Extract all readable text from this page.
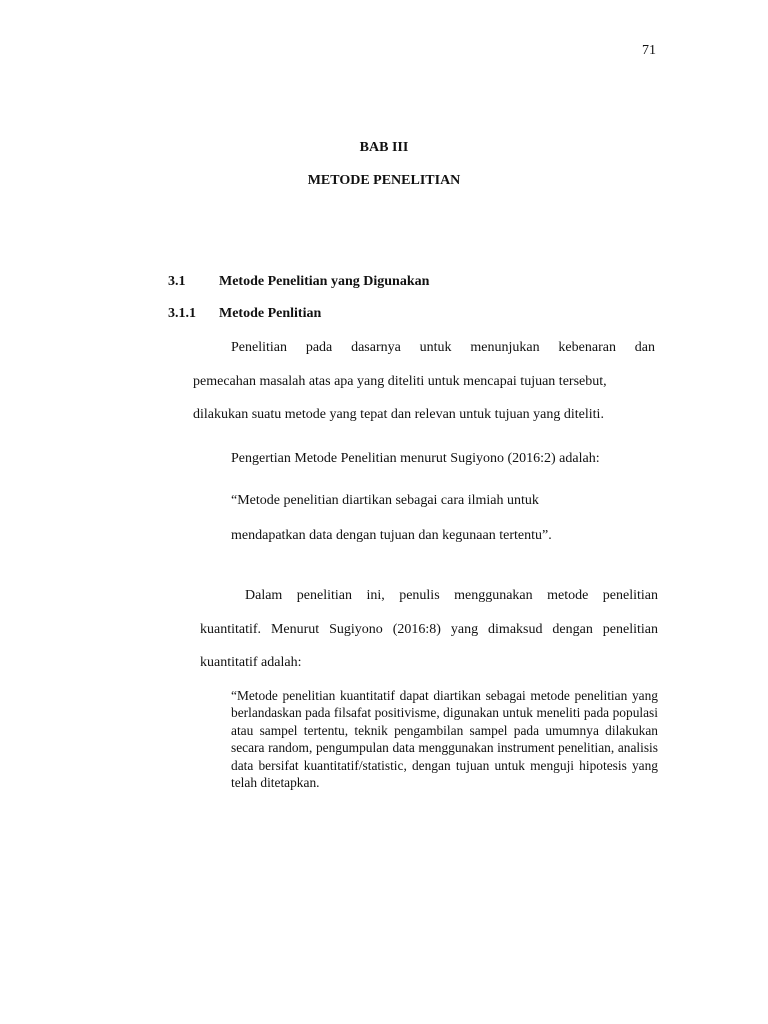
71

BAB III

METODE PENELITIAN

3.1 Metode Penelitian yang Digunakan
3.1.1 Metode Penlitian

Penelitian pada dasarnya untuk menunjukan kebenaran dan

pemecahan masalah atas apa yang diteliti untuk mencapai tujuan tersebut,

dilakukan suatu metode yang tepat dan relevan untuk tujuan yang diteliti.

Pengertian Metode Penelitian menurut Sugiyono (2016:2) adalah:

“Metode penelitian diartikan sebagai cara ilmiah untuk

mendapatkan data dengan tujuan dan kegunaan tertentu”.

Dalam penelitian ini, penulis menggunakan metode penelitian

kuantitatif. Menurut Sugiyono (2016:8) yang dimaksud dengan penelitian

kuantitatif adalah:

“Metode penelitian kuantitatif dapat diartikan sebagai metode penelitian yang berlandaskan pada filsafat positivisme, digunakan untuk meneliti pada populasi atau sampel tertentu, teknik pengambilan sampel pada umumnya dilakukan secara random, pengumpulan data menggunakan instrument penelitian, analisis data bersifat kuantitatif/statistic, dengan tujuan untuk menguji hipotesis yang telah ditetapkan.
